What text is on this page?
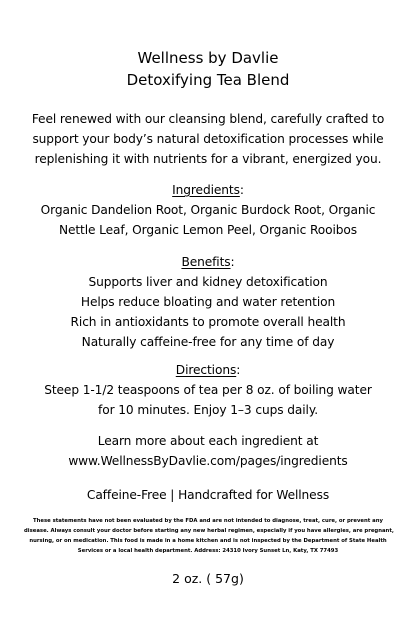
Wellness by Davlie
Detoxifying Tea Blend
Feel renewed with our cleansing blend, carefully crafted to
support your body’s natural detoxification processes while
replenishing it with nutrients for a vibrant, energized you.
Ingredients:
Organic Dandelion Root, Organic Burdock Root, Organic
Nettle Leaf, Organic Lemon Peel, Organic Rooibos
Benefits:
Supports liver and kidney detoxification
Helps reduce bloating and water retention
Rich in antioxidants to promote overall health
Naturally caffeine-free for any time of day
Directions:
Steep 1-1/2 teaspoons of tea per 8 oz. of boiling water
for 10 minutes. Enjoy 1–3 cups daily.
Learn more about each ingredient at
www.WellnessByDavlie.com/pages/ingredients
Caffeine-Free | Handcrafted for Wellness
These statements have not been evaluated by the FDA and are not intended to diagnose, treat, cure, or prevent any
disease. Always consult your doctor before starting any new herbal regimen, especially if you have allergies, are pregnant,
nursing, or on medication. This food is made in a home kitchen and is not inspected by the Department of State Health
Services or a local health department. Address: 24310 Ivory Sunset Ln, Katy, TX 77493
2 oz. ( 57g)
